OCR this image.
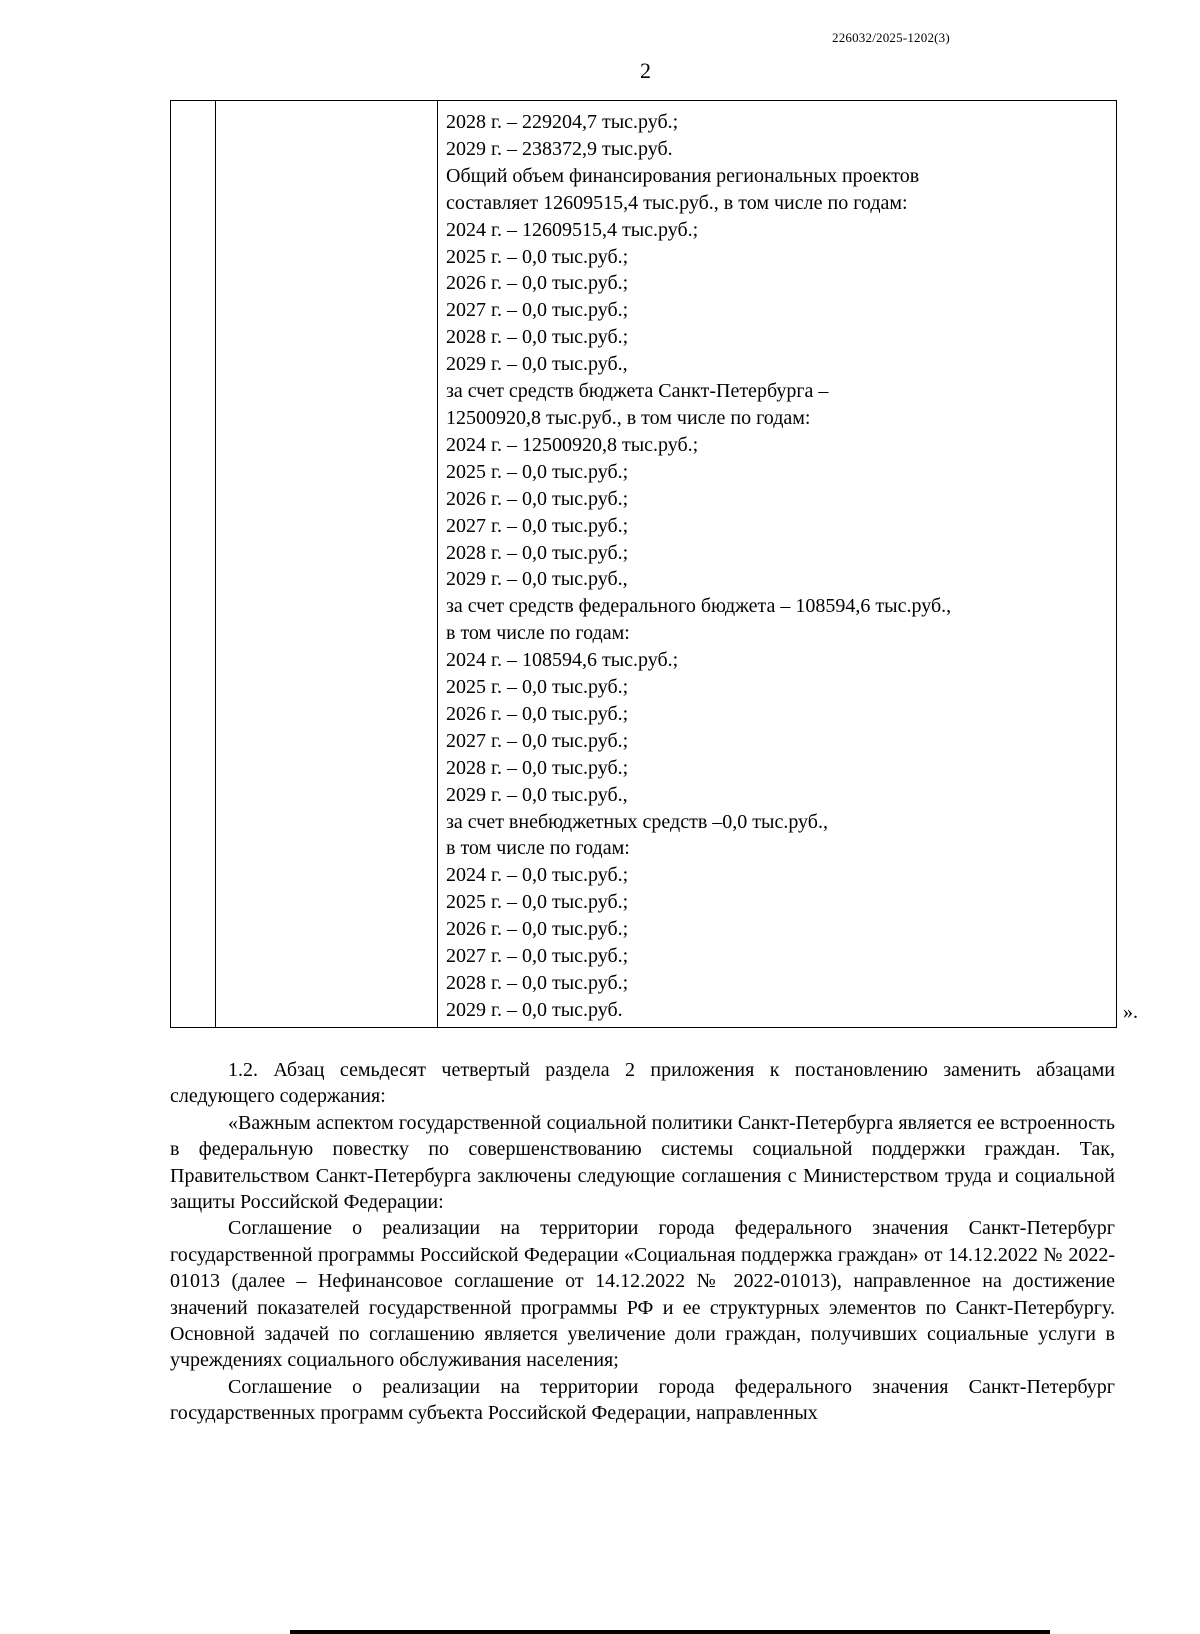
226032/2025-1202(3)
2

2028 г. – 229204,7 тыс.руб.;
2029 г. – 238372,9 тыс.руб.
Общий объем финансирования региональных проектов
составляет 12609515,4 тыс.руб., в том числе по годам:
2024 г. – 12609515,4 тыс.руб.;
2025 г. – 0,0 тыс.руб.;
2026 г. – 0,0 тыс.руб.;
2027 г. – 0,0 тыс.руб.;
2028 г. – 0,0 тыс.руб.;
2029 г. – 0,0 тыс.руб.,
за счет средств бюджета Санкт-Петербурга –
12500920,8 тыс.руб., в том числе по годам:
2024 г. – 12500920,8 тыс.руб.;
2025 г. – 0,0 тыс.руб.;
2026 г. – 0,0 тыс.руб.;
2027 г. – 0,0 тыс.руб.;
2028 г. – 0,0 тыс.руб.;
2029 г. – 0,0 тыс.руб.,
за счет средств федерального бюджета – 108594,6 тыс.руб.,
в том числе по годам:
2024 г. – 108594,6 тыс.руб.;
2025 г. – 0,0 тыс.руб.;
2026 г. – 0,0 тыс.руб.;
2027 г. – 0,0 тыс.руб.;
2028 г. – 0,0 тыс.руб.;
2029 г. – 0,0 тыс.руб.,
за счет внебюджетных средств –0,0 тыс.руб.,
в том числе по годам:
2024 г. – 0,0 тыс.руб.;
2025 г. – 0,0 тыс.руб.;
2026 г. – 0,0 тыс.руб.;
2027 г. – 0,0 тыс.руб.;
2028 г. – 0,0 тыс.руб.;
2029 г. – 0,0 тыс.руб.	».

1.2. Абзац семьдесят четвертый раздела 2 приложения к постановлению заменить абзацами следующего содержания:

«Важным аспектом государственной социальной политики Санкт-Петербурга является ее встроенность в федеральную повестку по совершенствованию системы социальной поддержки граждан. Так, Правительством Санкт-Петербурга заключены следующие соглашения с Министерством труда и социальной защиты Российской Федерации:

Соглашение о реализации на территории города федерального значения Санкт-Петербург государственной программы Российской Федерации «Социальная поддержка граждан» от 14.12.2022 № 2022-01013 (далее – Нефинансовое соглашение от 14.12.2022 № 2022-01013), направленное на достижение значений показателей государственной программы РФ и ее структурных элементов по Санкт-Петербургу. Основной задачей по соглашению является увеличение доли граждан, получивших социальные услуги в учреждениях социального обслуживания населения;

Соглашение о реализации на территории города федерального значения Санкт-Петербург государственных программ субъекта Российской Федерации, направленных
